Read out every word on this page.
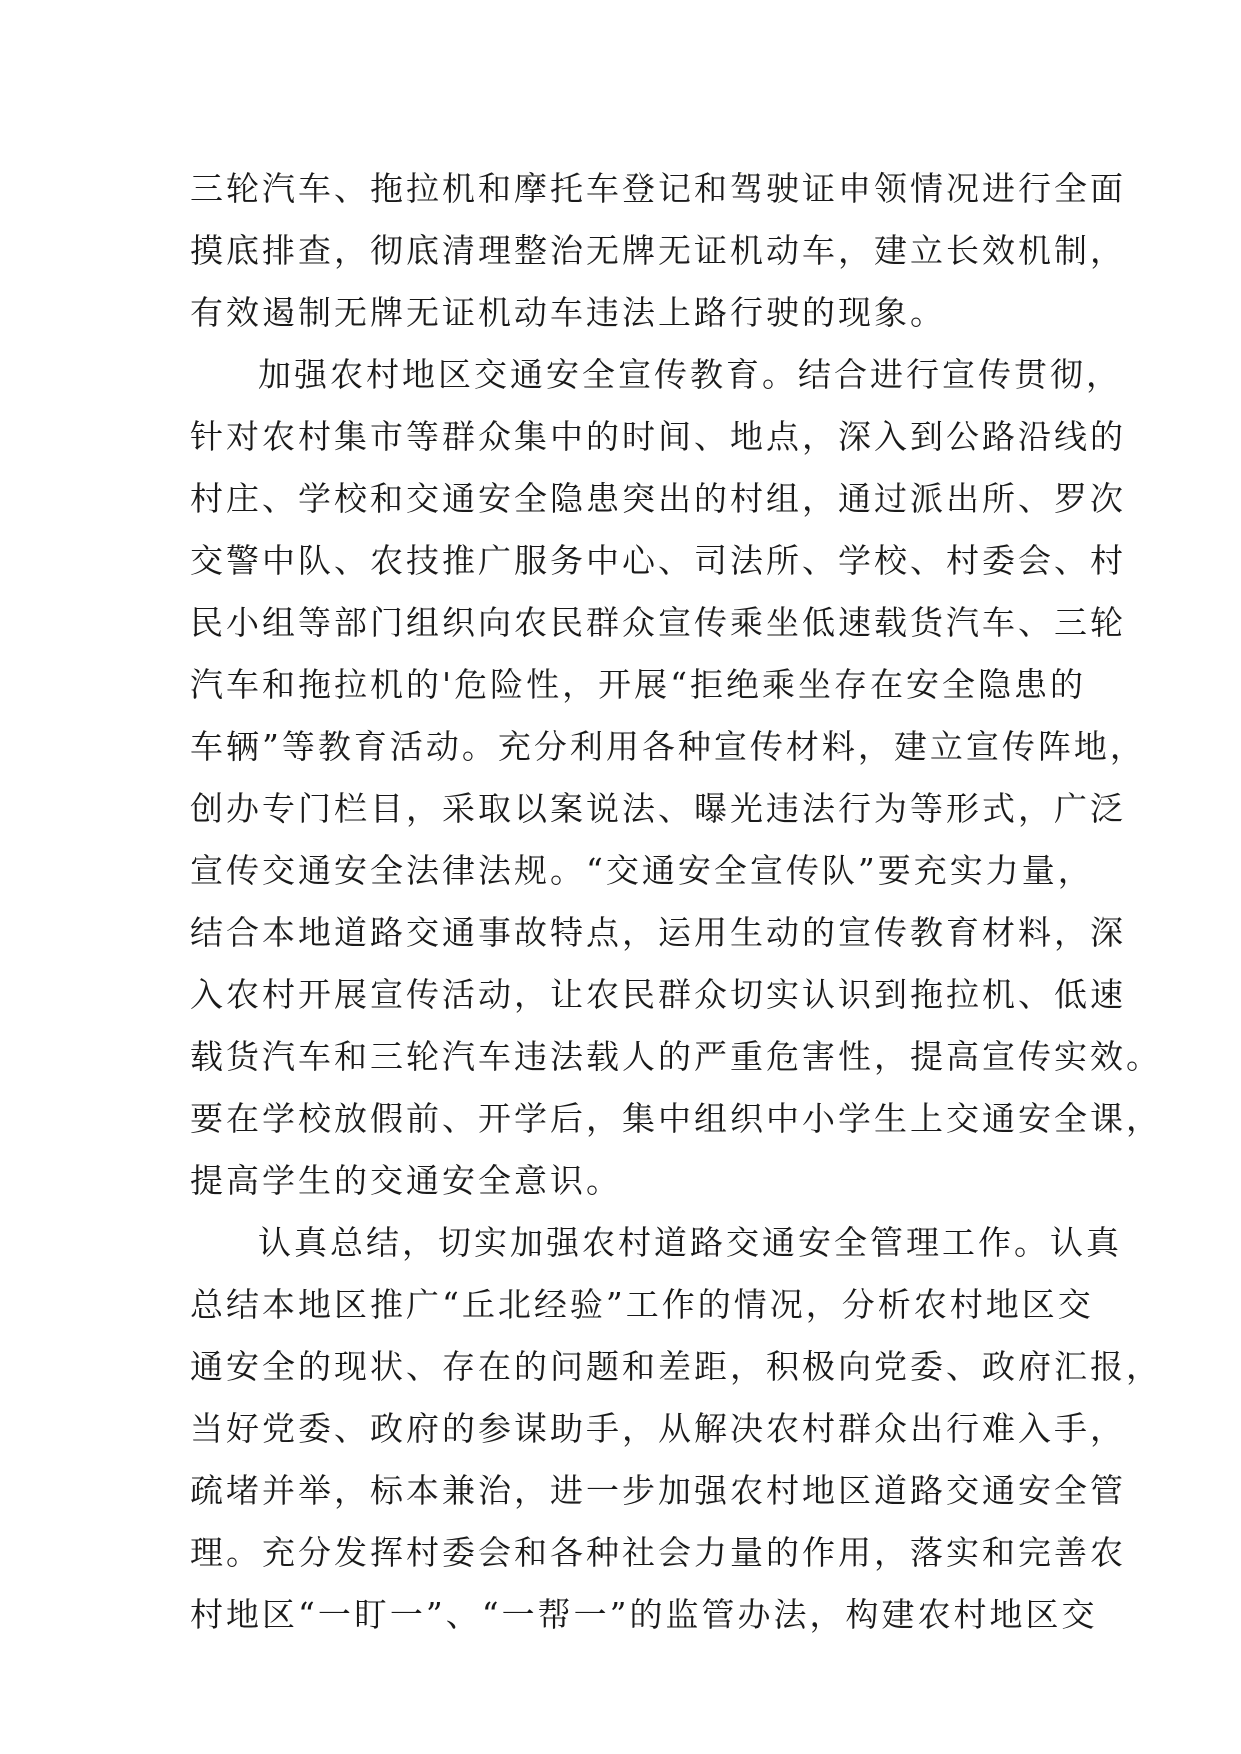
三轮汽车、拖拉机和摩托车登记和驾驶证申领情况进行全面
摸底排查，彻底清理整治无牌无证机动车，建立长效机制，
有效遏制无牌无证机动车违法上路行驶的现象。
加强农村地区交通安全宣传教育。结合进行宣传贯彻，
针对农村集市等群众集中的时间、地点，深入到公路沿线的
村庄、学校和交通安全隐患突出的村组，通过派出所、罗次
交警中队、农技推广服务中心、司法所、学校、村委会、村
民小组等部门组织向农民群众宣传乘坐低速载货汽车、三轮
汽车和拖拉机的'危险性，开展“拒绝乘坐存在安全隐患的
车辆”等教育活动。充分利用各种宣传材料，建立宣传阵地，
创办专门栏目，采取以案说法、曝光违法行为等形式，广泛
宣传交通安全法律法规。“交通安全宣传队”要充实力量，
结合本地道路交通事故特点，运用生动的宣传教育材料，深
入农村开展宣传活动，让农民群众切实认识到拖拉机、低速
载货汽车和三轮汽车违法载人的严重危害性，提高宣传实效。
要在学校放假前、开学后，集中组织中小学生上交通安全课，
提高学生的交通安全意识。
认真总结，切实加强农村道路交通安全管理工作。认真
总结本地区推广“丘北经验”工作的情况，分析农村地区交
通安全的现状、存在的问题和差距，积极向党委、政府汇报，
当好党委、政府的参谋助手，从解决农村群众出行难入手，
疏堵并举，标本兼治，进一步加强农村地区道路交通安全管
理。充分发挥村委会和各种社会力量的作用，落实和完善农
村地区“一盯一”、“一帮一”的监管办法，构建农村地区交
